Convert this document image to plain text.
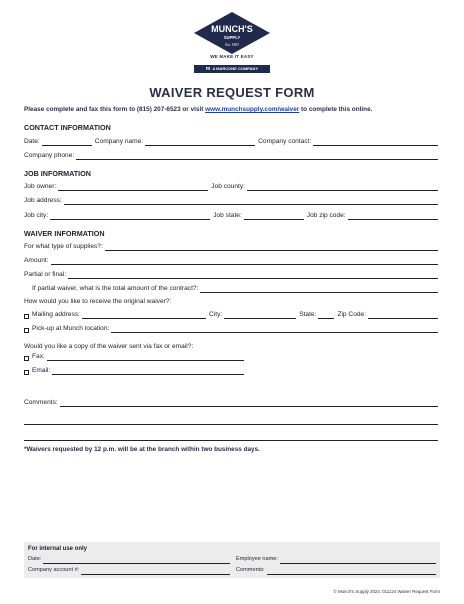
MUNCH'S
SUPPLY
Est. 1983
WE MAKE IT EASY
m A MARCONE COMPANY
WAIVER REQUEST FORM
Please complete and fax this form to (815) 207-6523 or visit www.munchsupply.com/waiver to complete this online.
CONTACT INFORMATION
Date:	Company name:	Company contact:
Company phone:
JOB INFORMATION
Job owner:	Job county:
Job address:
Job city:	Job state:	Job zip code:
WAIVER INFORMATION
For what type of supplies?:
Amount:
Partial or final:
If partial waiver, what is the total amount of the contract?:
How would you like to receive the original waiver?:
Mailing address:	City:	State:	Zip Code:
Pick-up at Munch location:
Would you like a copy of the waiver sent via fax or email?:
Fax:
Email:
Comments:
*Waivers requested by 12 p.m. will be at the branch within two business days.
For internal use only
Date:	Employee name:
Company account #:	Comments:
© Munch's Supply 2024. 011124 Waiver Request Form
